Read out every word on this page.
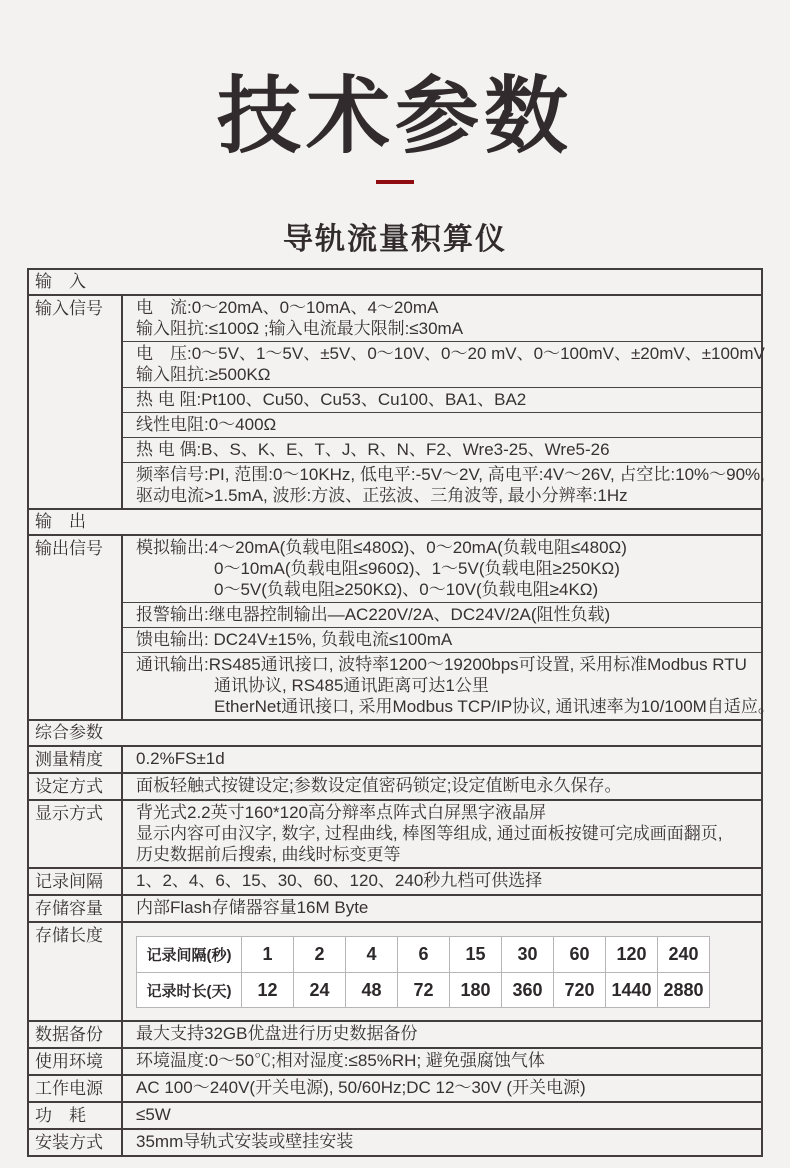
技术参数
导轨流量积算仪
输　入
输入信号	电　流:0～20mA、0～10mA、4～20mA
输入阻抗:≤100Ω ;输入电流最大限制:≤30mA
电　压:0～5V、1～5V、±5V、0～10V、0～20 mV、0～100mV、±20mV、±100mV
输入阻抗:≥500KΩ
热 电 阻:Pt100、Cu50、Cu53、Cu100、BA1、BA2
线性电阻:0～400Ω
热 电 偶:B、S、K、E、T、J、R、N、F2、Wre3-25、Wre5-26
频率信号:PI, 范围:0～10KHz, 低电平:-5V～2V, 高电平:4V～26V, 占空比:10%～90%,
驱动电流>1.5mA, 波形:方波、正弦波、三角波等, 最小分辨率:1Hz
输　出
输出信号	模拟输出:4～20mA(负载电阻≤480Ω)、0～20mA(负载电阻≤480Ω)
0～10mA(负载电阻≤960Ω)、1～5V(负载电阻≥250KΩ)
0～5V(负载电阻≥250KΩ)、0～10V(负载电阻≥4KΩ)
报警输出:继电器控制输出—AC220V/2A、DC24V/2A(阻性负载)
馈电输出: DC24V±15%, 负载电流≤100mA
通讯输出:RS485通讯接口, 波特率1200～19200bps可设置, 采用标准Modbus RTU
通讯协议, RS485通讯距离可达1公里
EtherNet通讯接口, 采用Modbus TCP/IP协议, 通讯速率为10/100M自适应。
综合参数
测量精度	0.2%FS±1d
设定方式	面板轻触式按键设定;参数设定值密码锁定;设定值断电永久保存。
显示方式	背光式2.2英寸160*120高分辩率点阵式白屏黑字液晶屏
显示内容可由汉字, 数字, 过程曲线, 棒图等组成, 通过面板按键可完成画面翻页,
历史数据前后搜索, 曲线时标变更等
记录间隔	1、2、4、6、15、30、60、120、240秒九档可供选择
存储容量	内部Flash存储器容量16M Byte
存储长度
记录间隔(秒)	1	2	4	6	15	30	60	120	240
记录时长(天)	12	24	48	72	180	360	720 1440 2880
数据备份	最大支持32GB优盘进行历史数据备份
使用环境	环境温度:0～50℃;相对湿度:≤85%RH; 避免强腐蚀气体
工作电源	AC 100～240V(开关电源), 50/60Hz;DC 12～30V (开关电源)
功　耗	≤5W
安装方式	35mm导轨式安装或壁挂安装
